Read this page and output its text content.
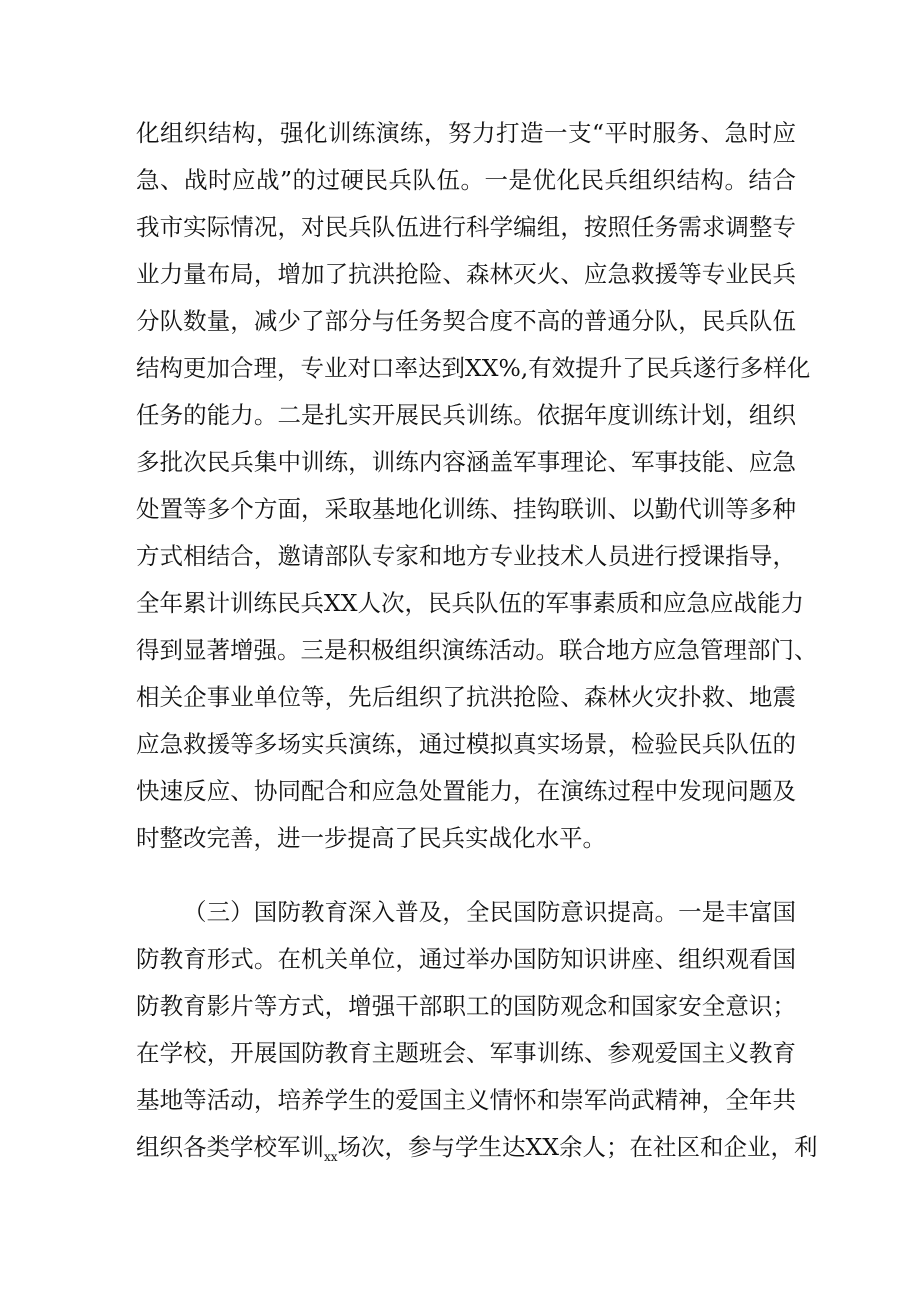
化组织结构，强化训练演练，努力打造一支“平时服务、急时应
急、战时应战”的过硬民兵队伍。一是优化民兵组织结构。结合
我市实际情况，对民兵队伍进行科学编组，按照任务需求调整专
业力量布局，增加了抗洪抢险、森林灭火、应急救援等专业民兵
分队数量，减少了部分与任务契合度不高的普通分队，民兵队伍
结构更加合理，专业对口率达到XX%,有效提升了民兵遂行多样化
任务的能力。二是扎实开展民兵训练。依据年度训练计划，组织
多批次民兵集中训练，训练内容涵盖军事理论、军事技能、应急
处置等多个方面，采取基地化训练、挂钩联训、以勤代训等多种
方式相结合，邀请部队专家和地方专业技术人员进行授课指导，
全年累计训练民兵XX人次，民兵队伍的军事素质和应急应战能力
得到显著增强。三是积极组织演练活动。联合地方应急管理部门、
相关企事业单位等，先后组织了抗洪抢险、森林火灾扑救、地震
应急救援等多场实兵演练，通过模拟真实场景，检验民兵队伍的
快速反应、协同配合和应急处置能力，在演练过程中发现问题及
时整改完善，进一步提高了民兵实战化水平。
（三）国防教育深入普及，全民国防意识提高。一是丰富国
防教育形式。在机关单位，通过举办国防知识讲座、组织观看国
防教育影片等方式，增强干部职工的国防观念和国家安全意识；
在学校，开展国防教育主题班会、军事训练、参观爱国主义教育
基地等活动，培养学生的爱国主义情怀和崇军尚武精神，全年共
组织各类学校军训$_{xx}$场次，参与学生达XX余人；在社区和企业，利
